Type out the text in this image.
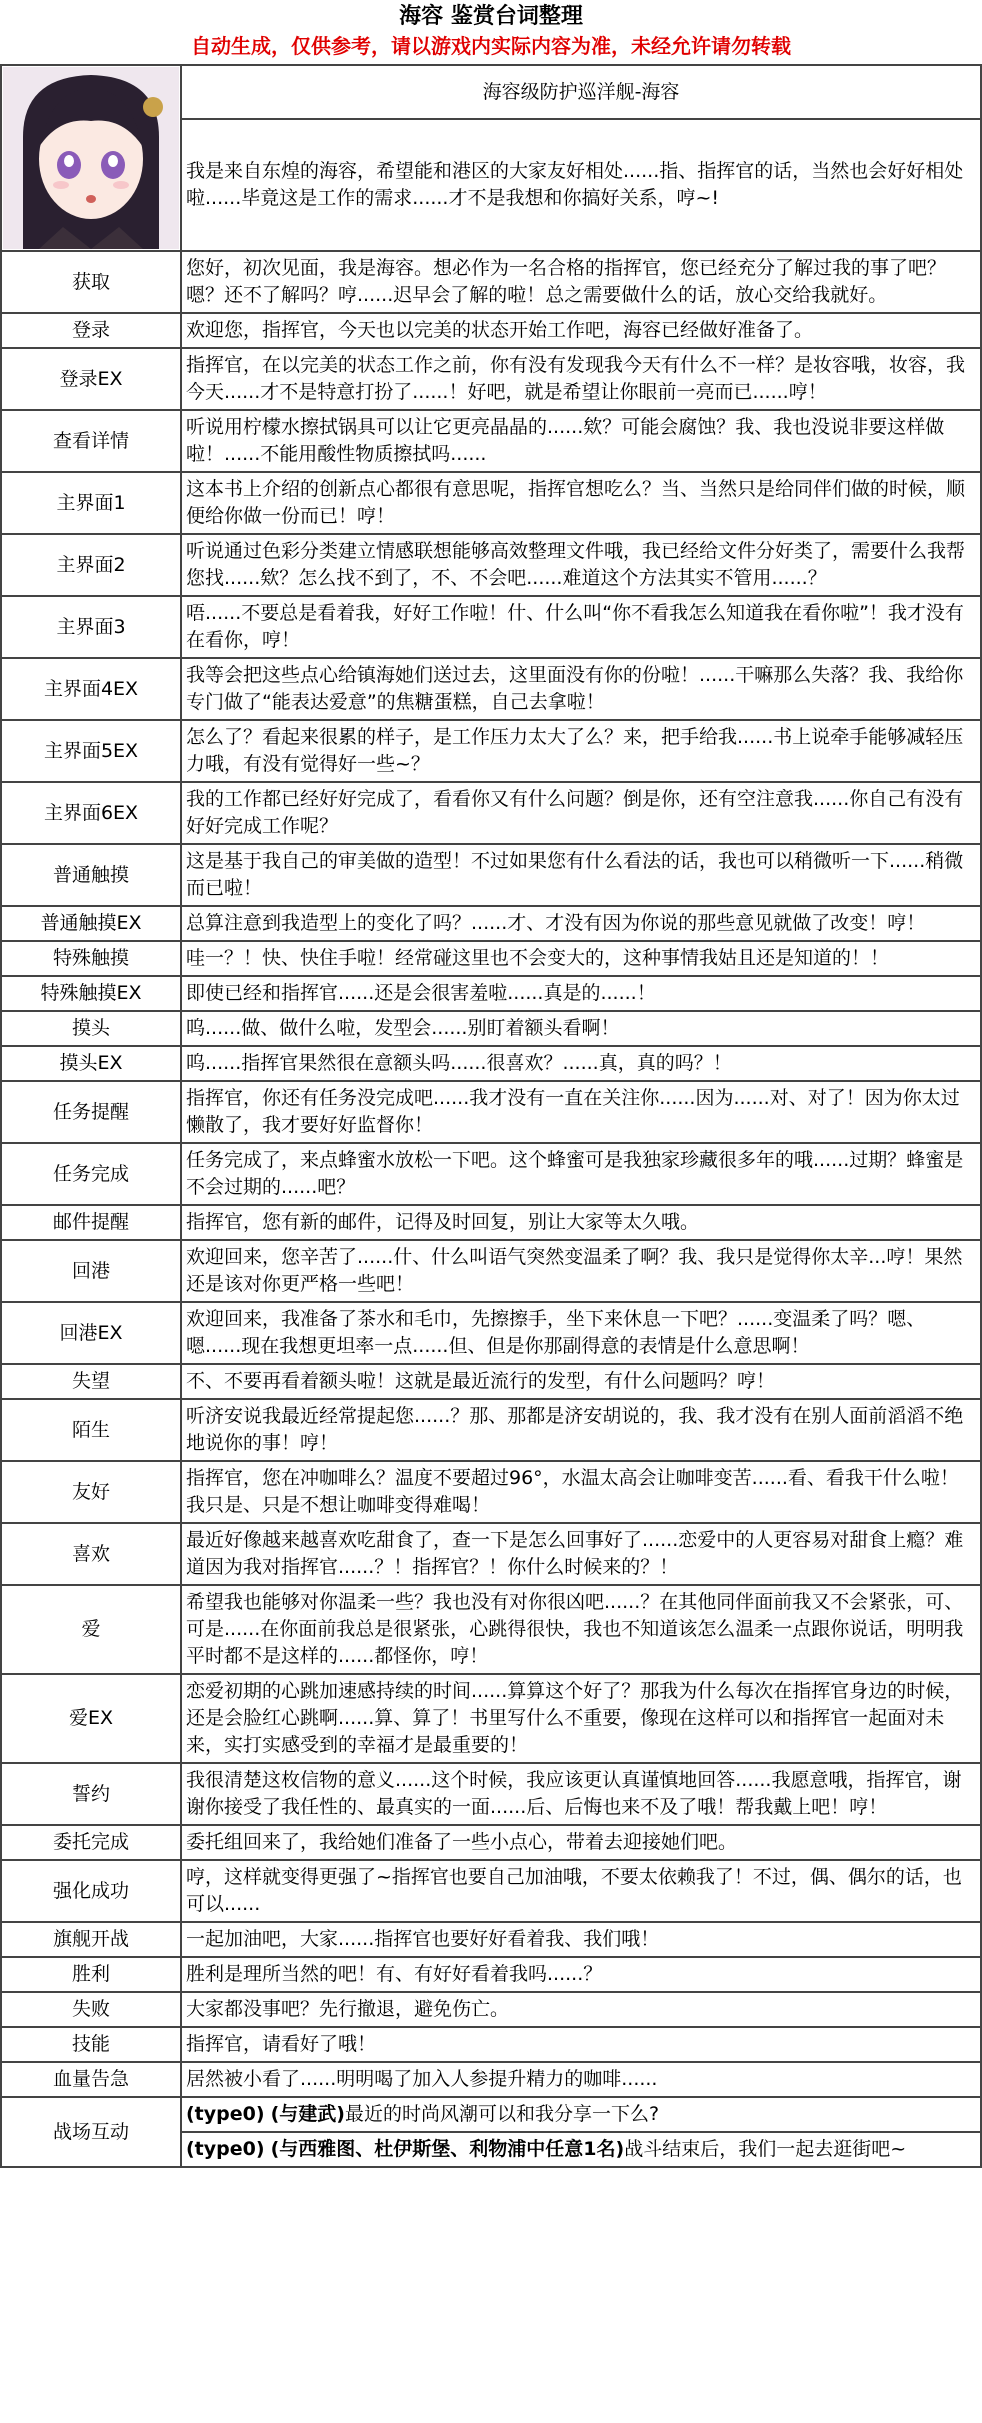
海容 鉴赏台词整理
自动生成，仅供参考，请以游戏内实际内容为准，未经允许请勿转载
	海容级防护巡洋舰-海容
	我是来自东煌的海容，希望能和港区的大家友好相处......指、指挥官的话，当然也会好好相处啦......毕竟这是工作的需求......才不是我想和你搞好关系，哼~!
获取	您好，初次见面，我是海容。想必作为一名合格的指挥官，您已经充分了解过我的事了吧？嗯？还不了解吗？哼......迟早会了解的啦！总之需要做什么的话，放心交给我就好。
登录	欢迎您，指挥官，今天也以完美的状态开始工作吧，海容已经做好准备了。
登录EX	指挥官，在以完美的状态工作之前，你有没有发现我今天有什么不一样？是妆容哦，妆容，我今天......才不是特意打扮了......！好吧，就是希望让你眼前一亮而已......哼！
查看详情	听说用柠檬水擦拭锅具可以让它更亮晶晶的......欸？可能会腐蚀？我、我也没说非要这样做啦！......不能用酸性物质擦拭吗......
主界面1	这本书上介绍的创新点心都很有意思呢，指挥官想吃么？当、当然只是给同伴们做的时候，顺便给你做一份而已！哼！
主界面2	听说通过色彩分类建立情感联想能够高效整理文件哦，我已经给文件分好类了，需要什么我帮您找......欸？怎么找不到了，不、不会吧......难道这个方法其实不管用......？
主界面3	唔......不要总是看着我，好好工作啦！什、什么叫“你不看我怎么知道我在看你啦”！我才没有在看你，哼！
主界面4EX	我等会把这些点心给镇海她们送过去，这里面没有你的份啦！......干嘛那么失落？我、我给你专门做了“能表达爱意”的焦糖蛋糕，自己去拿啦！
主界面5EX	怎么了？看起来很累的样子，是工作压力太大了么？来，把手给我......书上说牵手能够减轻压力哦，有没有觉得好一些~？
主界面6EX	我的工作都已经好好完成了，看看你又有什么问题？倒是你，还有空注意我......你自己有没有好好完成工作呢？
普通触摸	这是基于我自己的审美做的造型！不过如果您有什么看法的话，我也可以稍微听一下......稍微而已啦！
普通触摸EX	总算注意到我造型上的变化了吗？......才、才没有因为你说的那些意见就做了改变！哼！
特殊触摸	哇一？！快、快住手啦！经常碰这里也不会变大的，这种事情我姑且还是知道的！！
特殊触摸EX	即使已经和指挥官......还是会很害羞啦......真是的......！
摸头	呜......做、做什么啦，发型会......别盯着额头看啊！
摸头EX	呜......指挥官果然很在意额头吗......很喜欢？......真，真的吗？！
任务提醒	指挥官，你还有任务没完成吧......我才没有一直在关注你......因为......对、对了！因为你太过懒散了，我才要好好监督你！
任务完成	任务完成了，来点蜂蜜水放松一下吧。这个蜂蜜可是我独家珍藏很多年的哦......过期？蜂蜜是不会过期的......吧？
邮件提醒	指挥官，您有新的邮件，记得及时回复，别让大家等太久哦。
回港	欢迎回来，您辛苦了......什、什么叫语气突然变温柔了啊？我、我只是觉得你太辛...哼！果然还是该对你更严格一些吧！
回港EX	欢迎回来，我准备了茶水和毛巾，先擦擦手，坐下来休息一下吧？......变温柔了吗？嗯、嗯......现在我想更坦率一点......但、但是你那副得意的表情是什么意思啊！
失望	不、不要再看着额头啦！这就是最近流行的发型，有什么问题吗？哼！
陌生	听济安说我最近经常提起您......？那、那都是济安胡说的，我、我才没有在别人面前滔滔不绝地说你的事！哼！
友好	指挥官，您在冲咖啡么？温度不要超过96°，水温太高会让咖啡变苦......看、看我干什么啦！我只是、只是不想让咖啡变得难喝！
喜欢	最近好像越来越喜欢吃甜食了，查一下是怎么回事好了......恋爱中的人更容易对甜食上瘾？难道因为我对指挥官......？！指挥官？！你什么时候来的？！
爱	希望我也能够对你温柔一些？我也没有对你很凶吧......？在其他同伴面前我又不会紧张，可、可是......在你面前我总是很紧张，心跳得很快，我也不知道该怎么温柔一点跟你说话，明明我平时都不是这样的......都怪你，哼！
爱EX	恋爱初期的心跳加速感持续的时间......算算这个好了？那我为什么每次在指挥官身边的时候，还是会脸红心跳啊......算、算了！书里写什么不重要，像现在这样可以和指挥官一起面对未来，实打实感受到的幸福才是最重要的！
誓约	我很清楚这枚信物的意义......这个时候，我应该更认真谨慎地回答......我愿意哦，指挥官，谢谢你接受了我任性的、最真实的一面......后、后悔也来不及了哦！帮我戴上吧！哼！
委托完成	委托组回来了，我给她们准备了一些小点心，带着去迎接她们吧。
强化成功	哼，这样就变得更强了~指挥官也要自己加油哦，不要太依赖我了！不过，偶、偶尔的话，也可以......
旗舰开战	一起加油吧，大家......指挥官也要好好看着我、我们哦！
胜利	胜利是理所当然的吧！有、有好好看着我吗......？
失败	大家都没事吧？先行撤退，避免伤亡。
技能	指挥官，请看好了哦！
血量告急	居然被小看了......明明喝了加入人参提升精力的咖啡......
战场互动	(type0) (与建武)最近的时尚风潮可以和我分享一下么?
	(type0) (与西雅图、杜伊斯堡、利物浦中任意1名)战斗结束后，我们一起去逛街吧~
